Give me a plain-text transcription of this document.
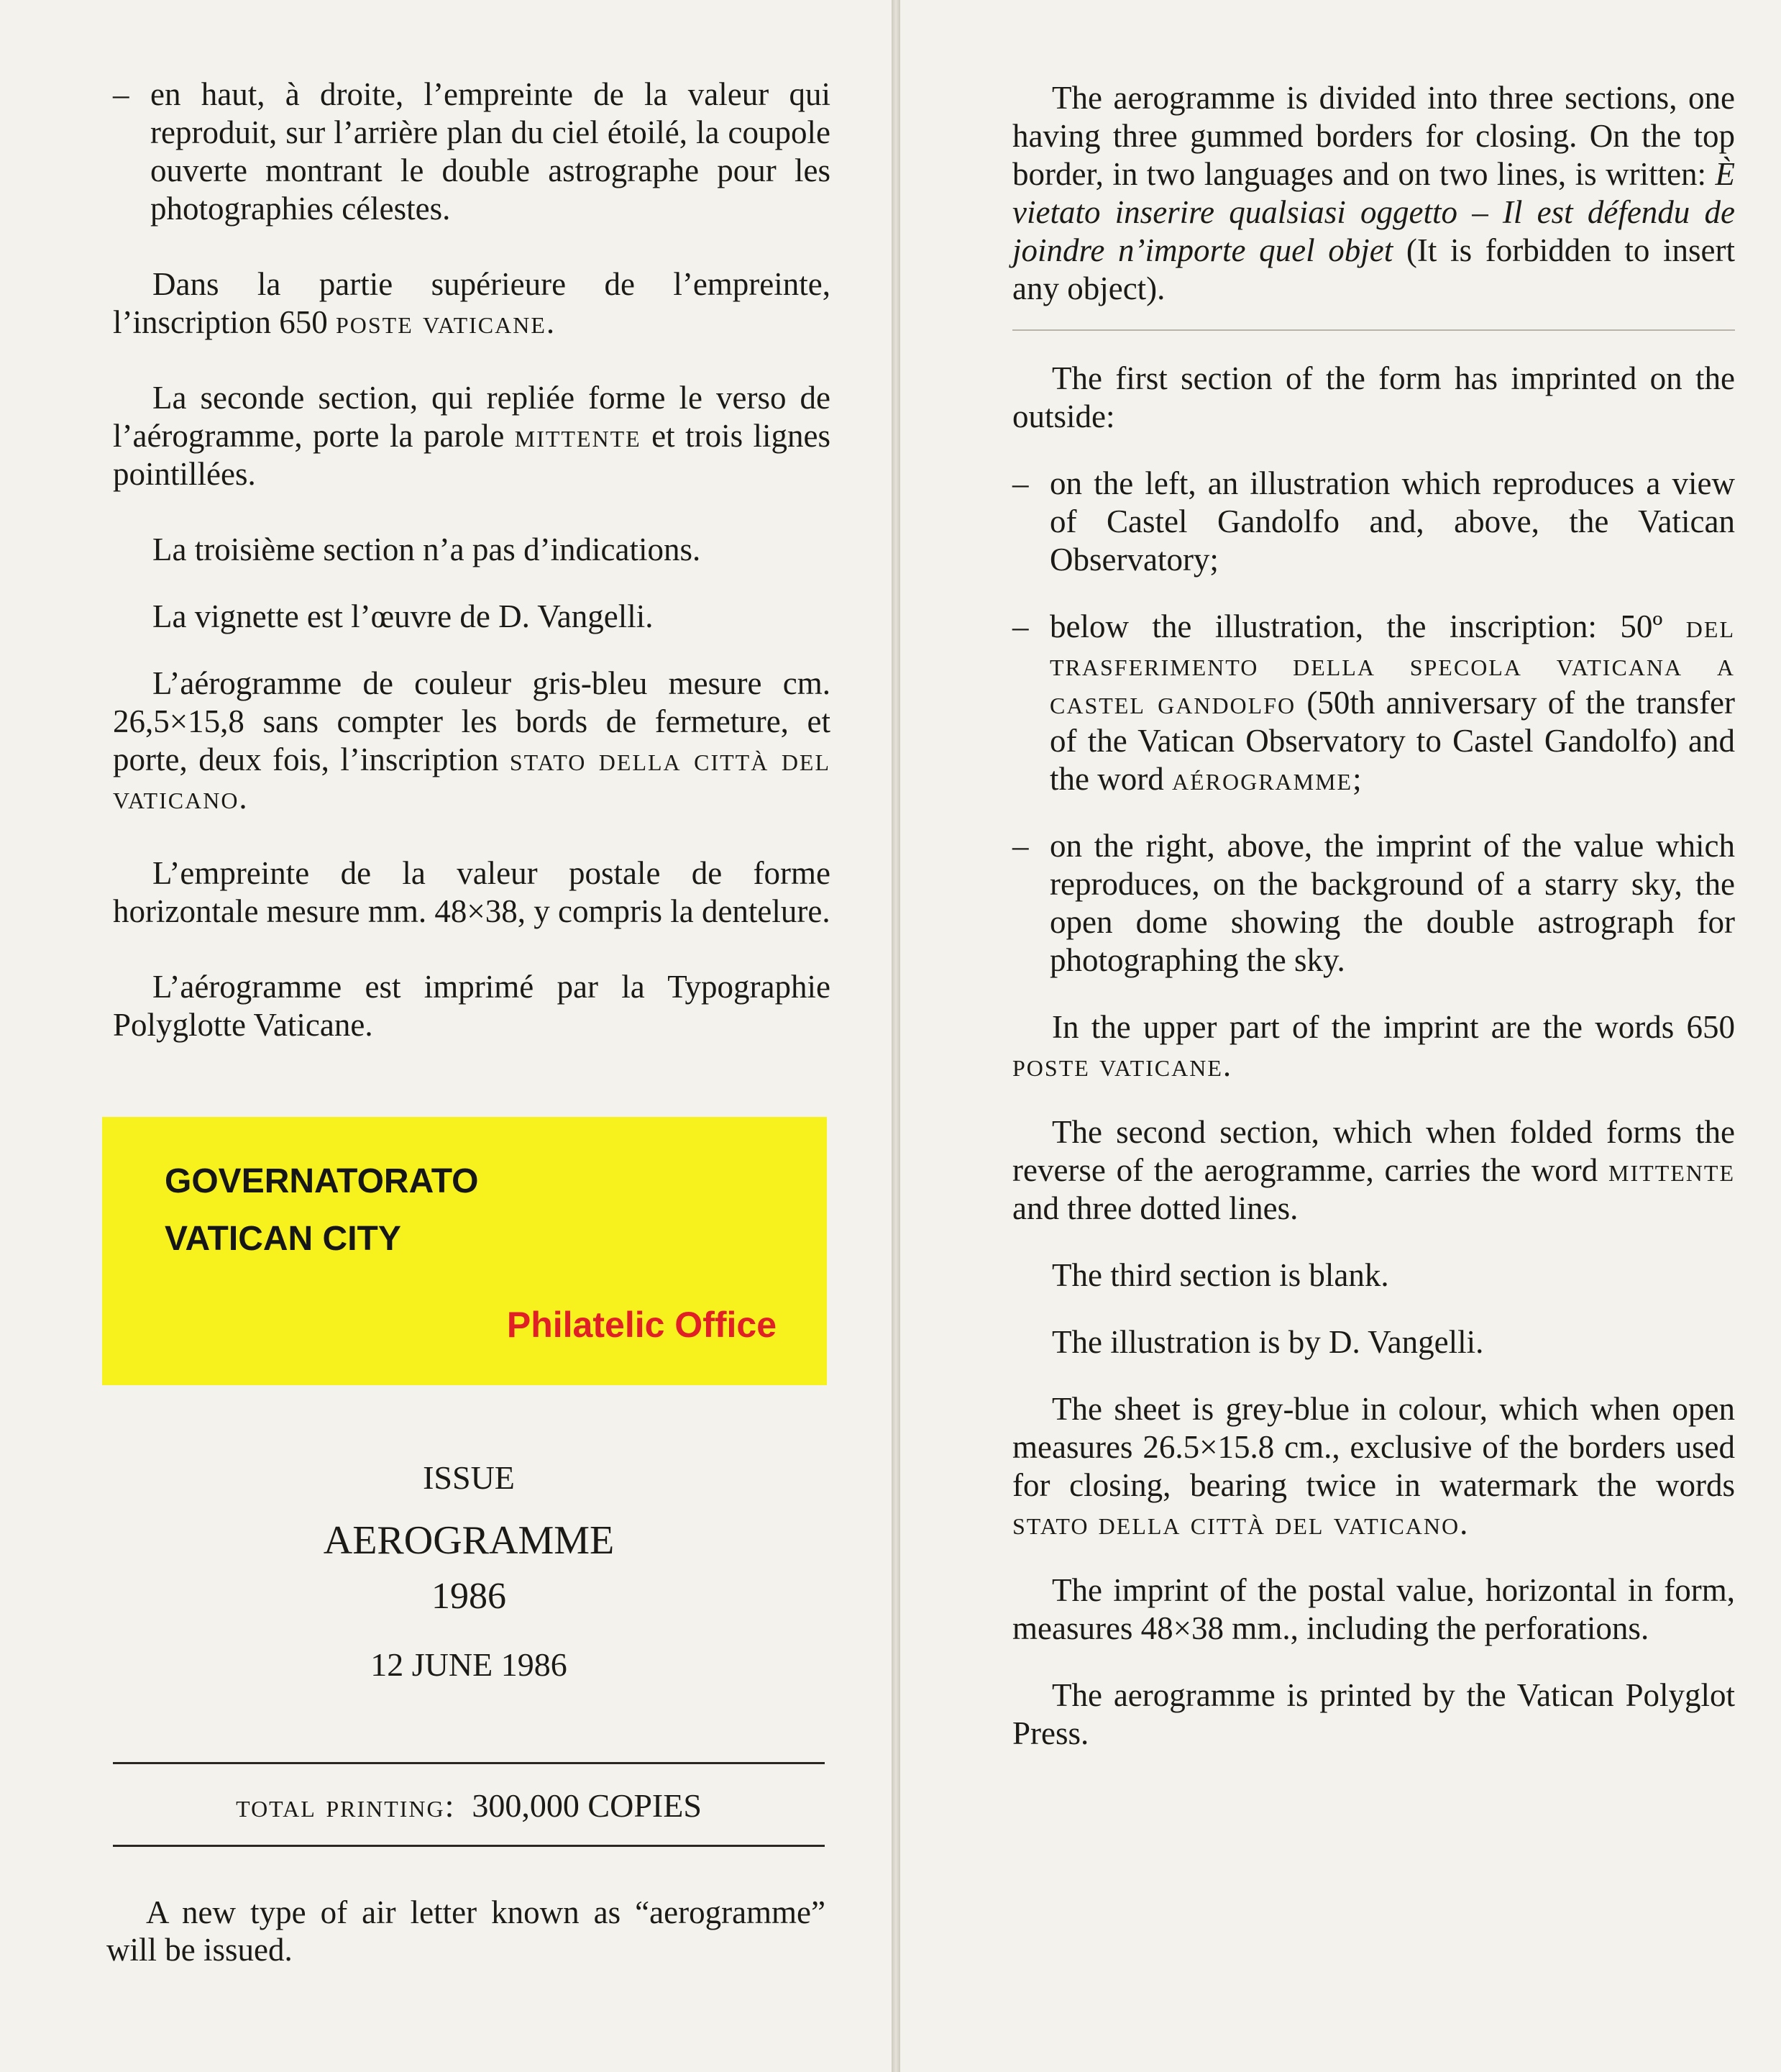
– en haut, à droite, l’empreinte de la valeur qui reproduit, sur l’arrière plan du ciel étoilé, la coupole ouverte montrant le double astrographe pour les photographies célestes.

Dans la partie supérieure de l’empreinte, l’inscription 650 poste vaticane.

La seconde section, qui repliée forme le verso de l’aérogramme, porte la parole mittente et trois lignes pointillées.

La troisième section n’a pas d’indications.

La vignette est l’œuvre de D. Vangelli.

L’aérogramme de couleur gris-bleu mesure cm. 26,5×15,8 sans compter les bords de fermeture, et porte, deux fois, l’inscription stato della città del vaticano.

L’empreinte de la valeur postale de forme horizontale mesure mm. 48×38, y compris la dentelure.

L’aérogramme est imprimé par la Typographie Polyglotte Vaticane.

GOVERNATORATO
VATICAN CITY
Philatelic Office
ISSUE
AEROGRAMME
1986
12 JUNE 1986
total printing: 300,000 COPIES
A new type of air letter known as “aerogramme” will be issued.

The aerogramme is divided into three sections, one having three gummed borders for closing. On the top border, in two languages and on two lines, is written: È vietato inserire qualsiasi oggetto – Il est défendu de joindre n’importe quel objet (It is forbidden to insert any object).

The first section of the form has imprinted on the outside:

– on the left, an illustration which reproduces a view of Castel Gandolfo and, above, the Vatican Observatory;

– below the illustration, the inscription: 50º del trasferimento della specola vaticana a castel gandolfo (50th anniversary of the transfer of the Vatican Observatory to Castel Gandolfo) and the word aérogramme;

– on the right, above, the imprint of the value which reproduces, on the background of a starry sky, the open dome showing the double astrograph for photographing the sky.

In the upper part of the imprint are the words 650 poste vaticane.

The second section, which when folded forms the reverse of the aerogramme, carries the word mittente and three dotted lines.

The third section is blank.

The illustration is by D. Vangelli.

The sheet is grey-blue in colour, which when open measures 26.5×15.8 cm., exclusive of the borders used for closing, bearing twice in watermark the words stato della città del vaticano.

The imprint of the postal value, horizontal in form, measures 48×38 mm., including the perforations.

The aerogramme is printed by the Vatican Polyglot Press.
